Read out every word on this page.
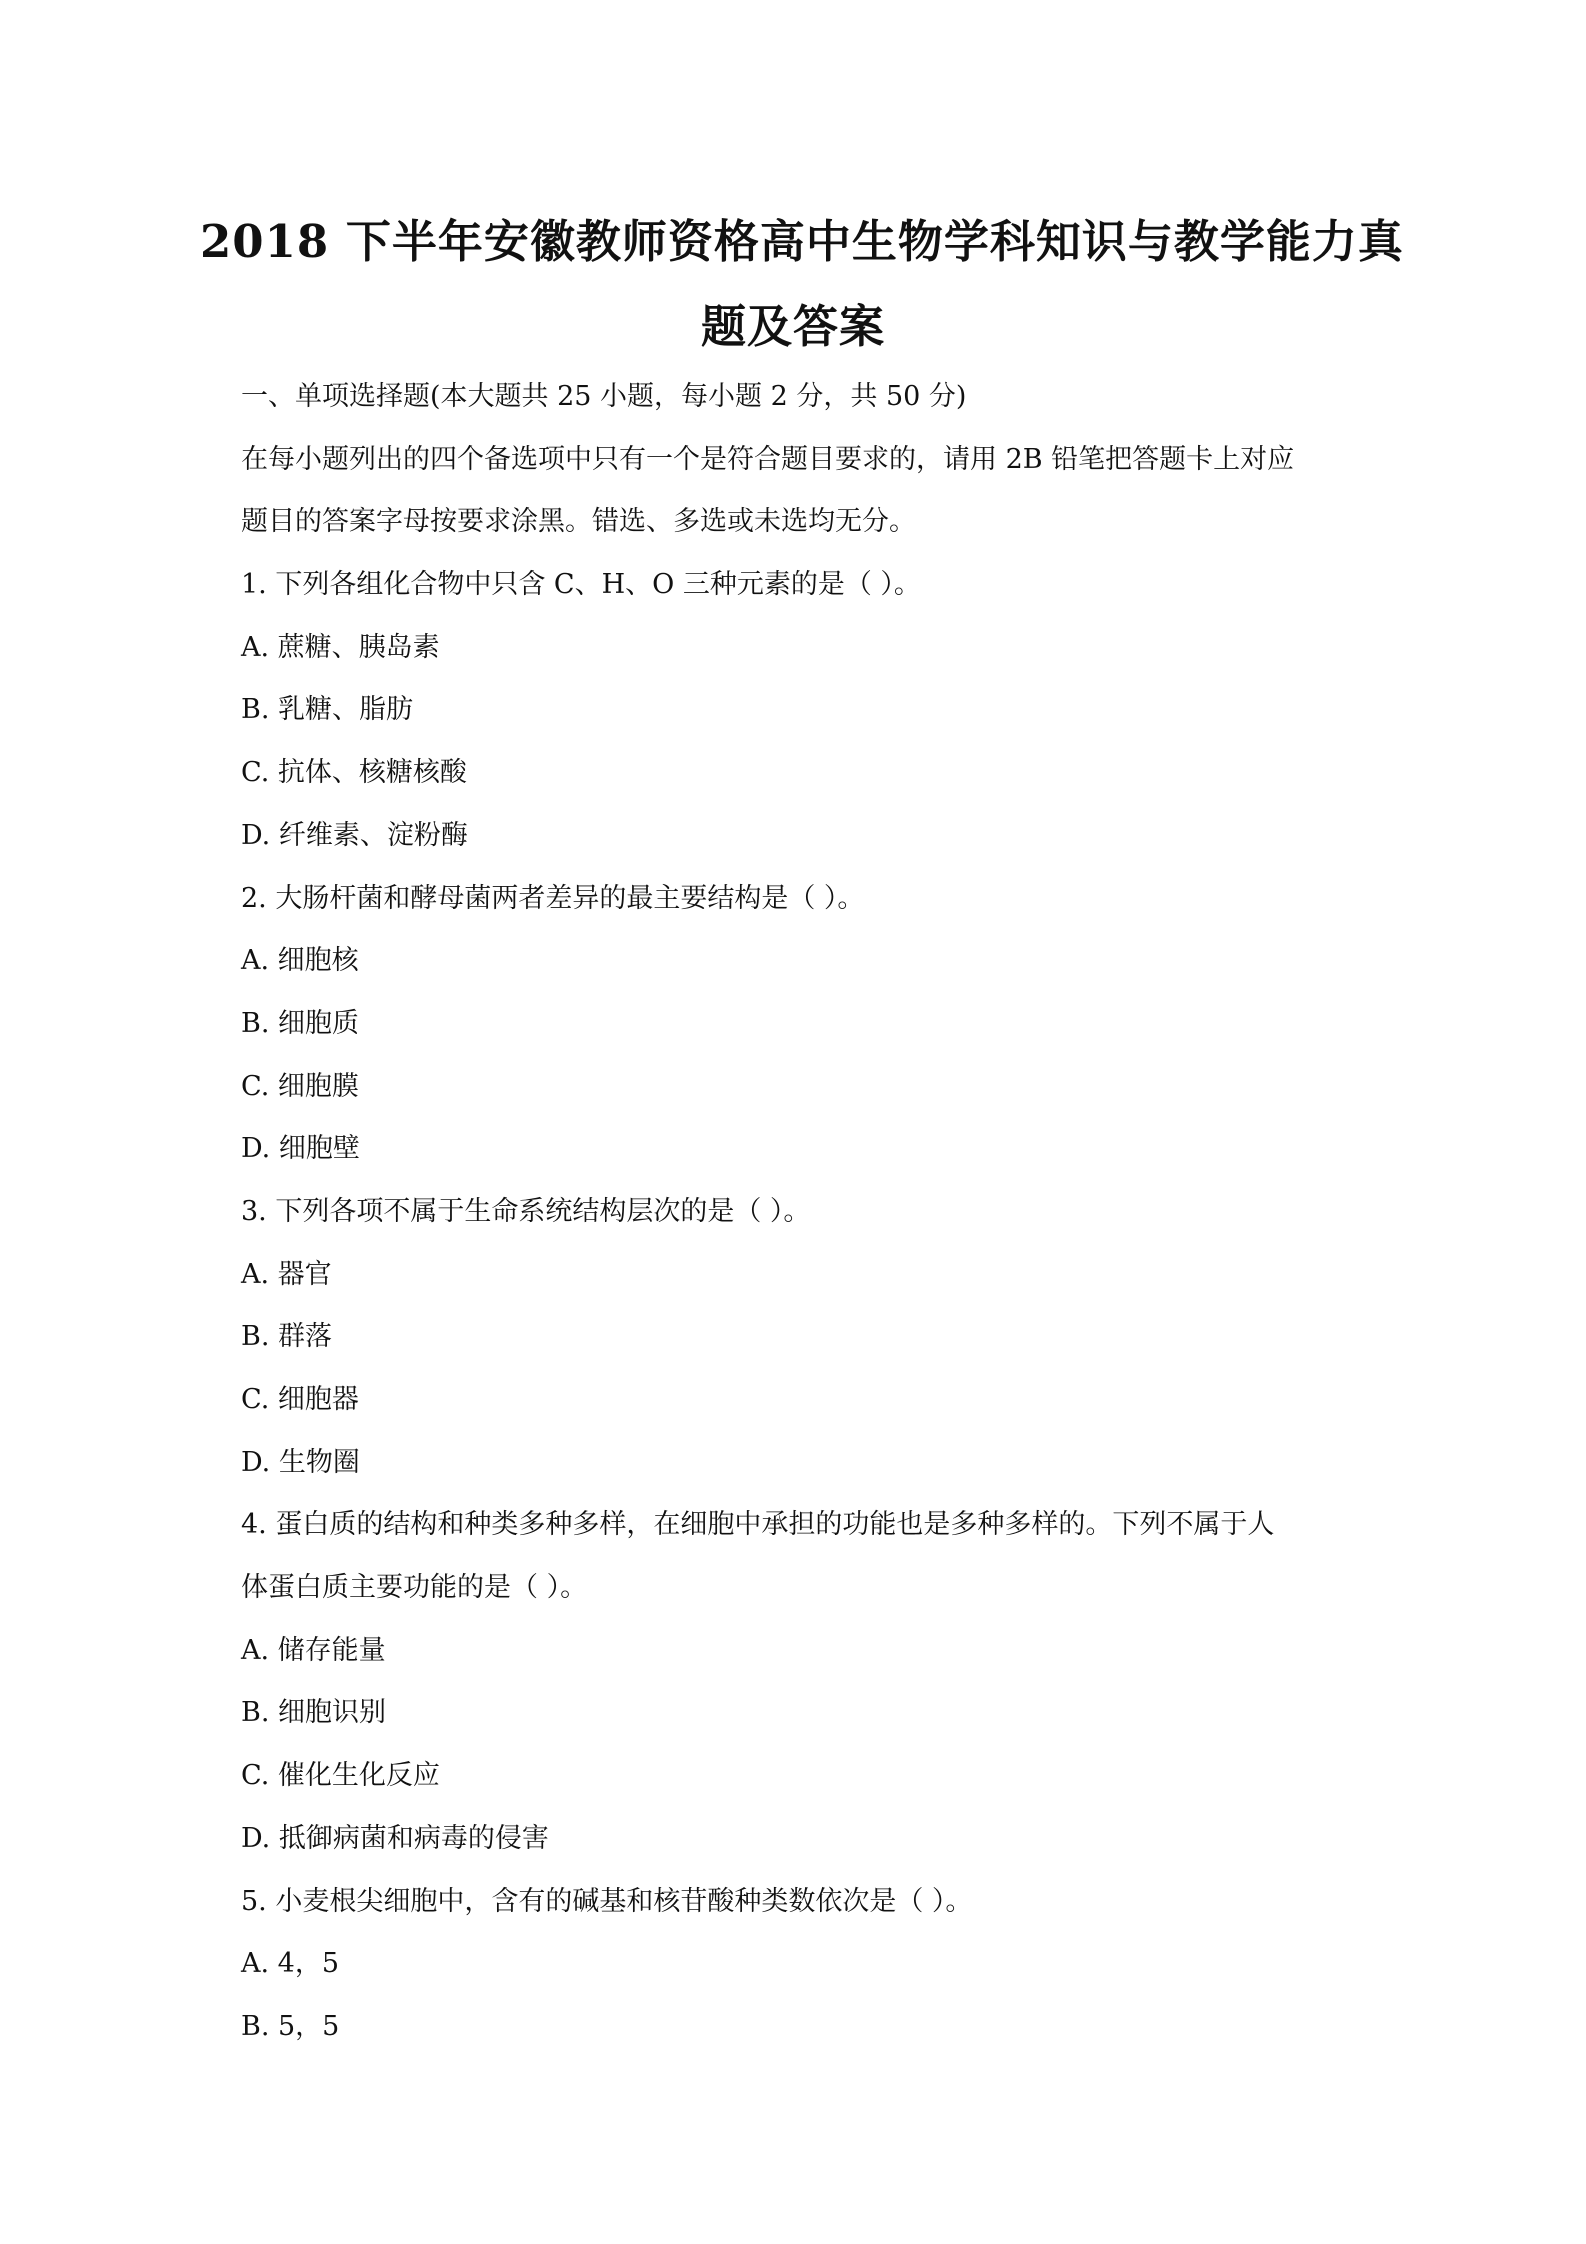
2018 下半年安徽教师资格高中生物学科知识与教学能力真
题及答案
一、单项选择题(本大题共 25 小题，每小题 2 分，共 50 分)
在每小题列出的四个备选项中只有一个是符合题目要求的，请用 2B 铅笔把答题卡上对应
题目的答案字母按要求涂黑。错选、多选或未选均无分。
1. 下列各组化合物中只含 C、H、O 三种元素的是（ ）。
A. 蔗糖、胰岛素
B. 乳糖、脂肪
C. 抗体、核糖核酸
D. 纤维素、淀粉酶
2. 大肠杆菌和酵母菌两者差异的最主要结构是（ ）。
A. 细胞核
B. 细胞质
C. 细胞膜
D. 细胞壁
3. 下列各项不属于生命系统结构层次的是（ ）。
A. 器官
B. 群落
C. 细胞器
D. 生物圈
4. 蛋白质的结构和种类多种多样，在细胞中承担的功能也是多种多样的。下列不属于人
体蛋白质主要功能的是（ ）。
A. 储存能量
B. 细胞识别
C. 催化生化反应
D. 抵御病菌和病毒的侵害
5. 小麦根尖细胞中，含有的碱基和核苷酸种类数依次是（ ）。
A. 4，5
B. 5，5
